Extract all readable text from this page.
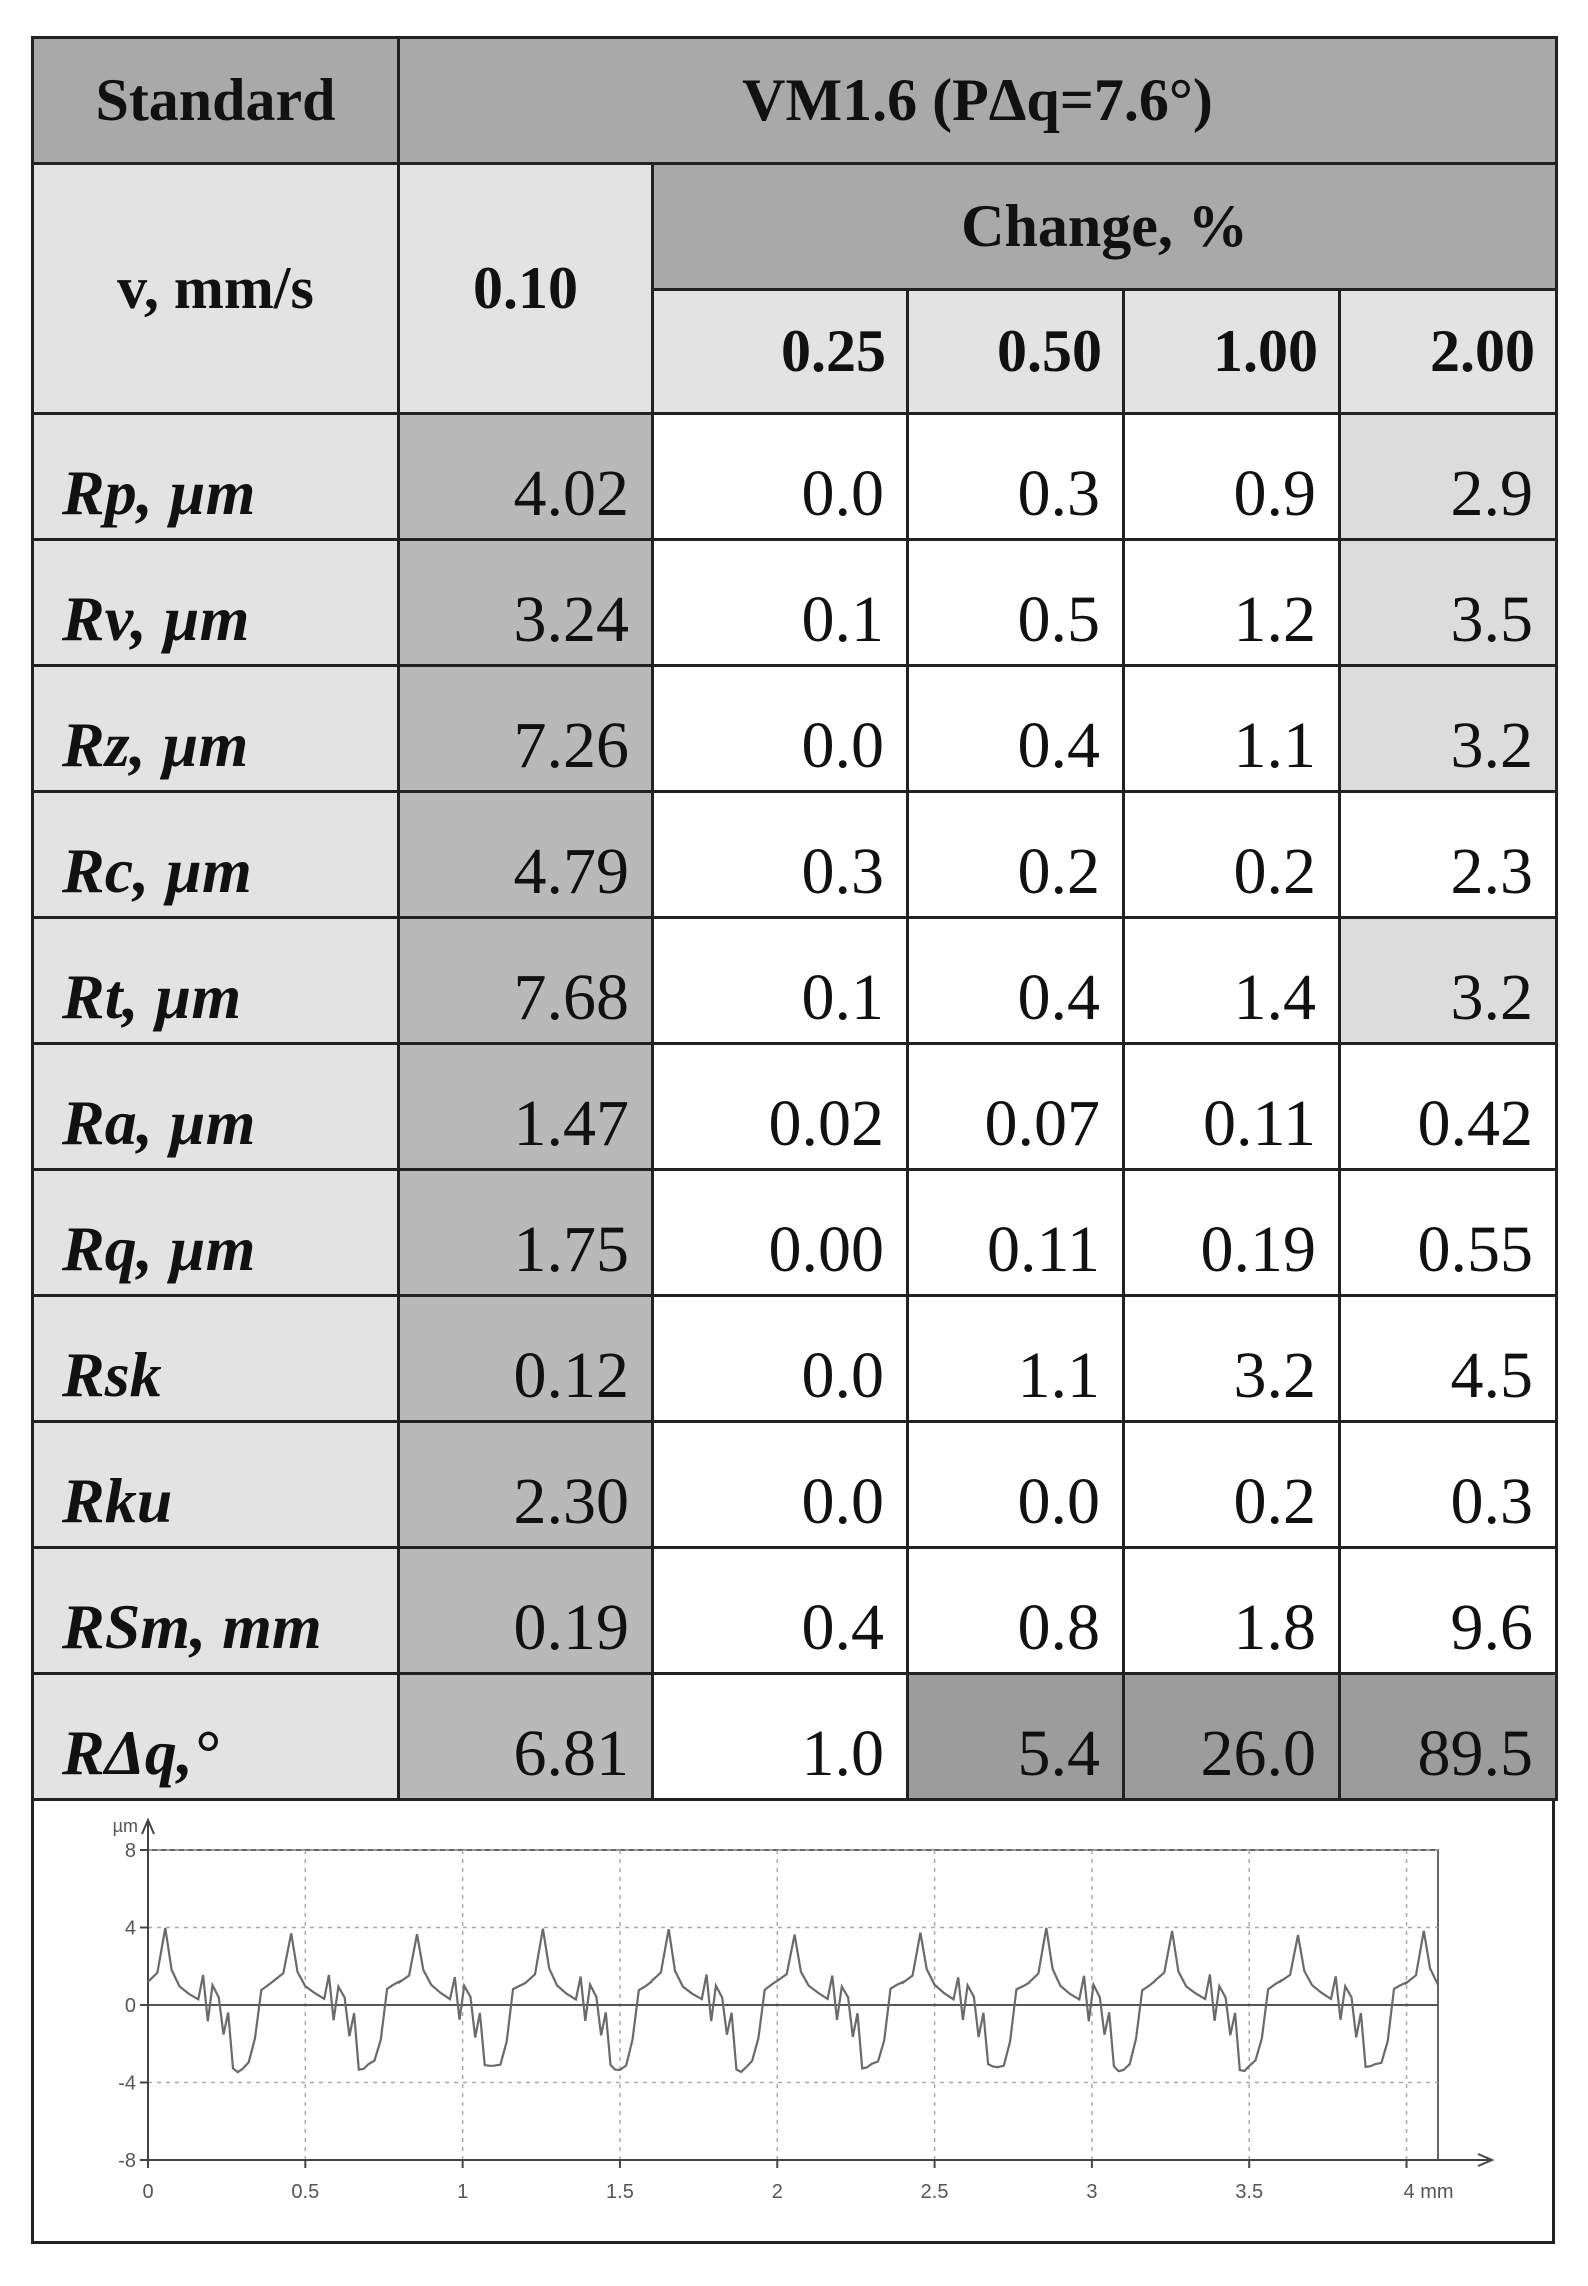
Standard	VM1.6 (PΔq=7.6°)				
v, mm/s	0.10	Change, %			
		0.25	0.50	1.00	2.00
Rp, µm	4.02	0.0	0.3	0.9	2.9
Rv, µm	3.24	0.1	0.5	1.2	3.5
Rz, µm	7.26	0.0	0.4	1.1	3.2
Rc, µm	4.79	0.3	0.2	0.2	2.3
Rt, µm	7.68	0.1	0.4	1.4	3.2
Ra, µm	1.47	0.02	0.07	0.11	0.42
Rq, µm	1.75	0.00	0.11	0.19	0.55
Rsk	0.12	0.0	1.1	3.2	4.5
Rku	2.30	0.0	0.0	0.2	0.3
RSm, mm	0.19	0.4	0.8	1.8	9.6
RΔq,°	6.81	1.0	5.4	26.0	89.5
8
4
0
-4
-8
µm
0	0.5	1	1.5	2	2.5	3	3.5	4 mm
